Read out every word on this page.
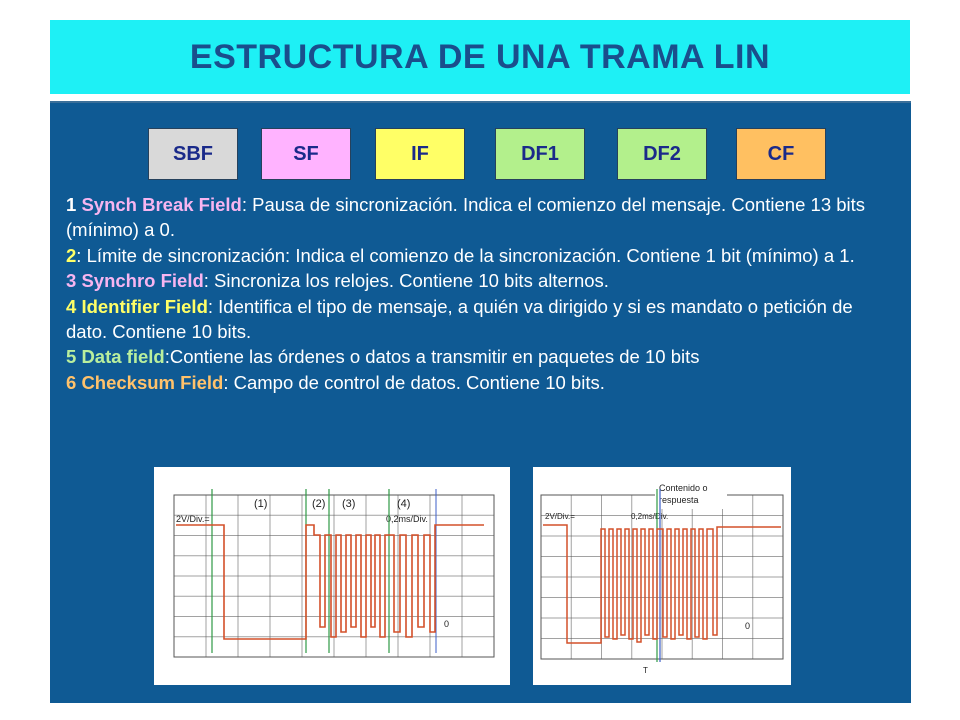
ESTRUCTURA DE UNA TRAMA LIN
SBF	SF	IF	DF1	DF2	CF
1 Synch Break Field: Pausa de sincronización. Indica el comienzo del mensaje. Contiene 13 bits (mínimo) a 0.
2: Límite de sincronización: Indica el comienzo de la sincronización. Contiene 1 bit (mínimo) a 1.
3 Synchro Field: Sincroniza los relojes. Contiene 10 bits alternos.
4 Identifier Field: Identifica el tipo de mensaje, a quién va dirigido y si es mandato o petición de dato. Contiene 10 bits.
5 Data field:Contiene las órdenes o datos a transmitir en paquetes de 10 bits
6 Checksum Field: Campo de control de datos. Contiene 10 bits.
2V/Div.=	0,2ms/Div.
(1)	(2) (3)	(4)
0
Contenido o
respuesta
2V/Div.=	0,2ms/Div.
0
T
